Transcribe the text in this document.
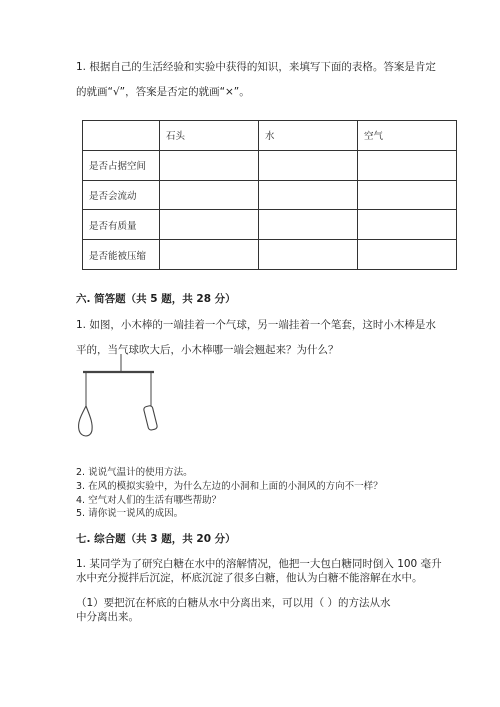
1. 根据自己的生活经验和实验中获得的知识，来填写下面的表格。答案是肯定
的就画“√”，答案是否定的就画“×”。
	石头	水	空气
是否占据空间			
是否会流动			
是否有质量			
是否能被压缩			
六. 简答题（共 5 题，共 28 分）
1. 如图，小木棒的一端挂着一个气球，另一端挂着一个笔套，这时小木棒是水
平的，当气球吹大后，小木棒哪一端会翘起来？为什么？
2. 说说气温计的使用方法。
3. 在风的模拟实验中，为什么左边的小洞和上面的小洞风的方向不一样？
4. 空气对人们的生活有哪些帮助？
5. 请你说一说风的成因。
七. 综合题（共 3 题，共 20 分）
1. 某同学为了研究白糖在水中的溶解情况，他把一大包白糖同时倒入 100 毫升
水中充分搅拌后沉淀，杯底沉淀了很多白糖，他认为白糖不能溶解在水中。
（1）要把沉在杯底的白糖从水中分离出来，可以用（ ）的方法从水
中分离出来。
